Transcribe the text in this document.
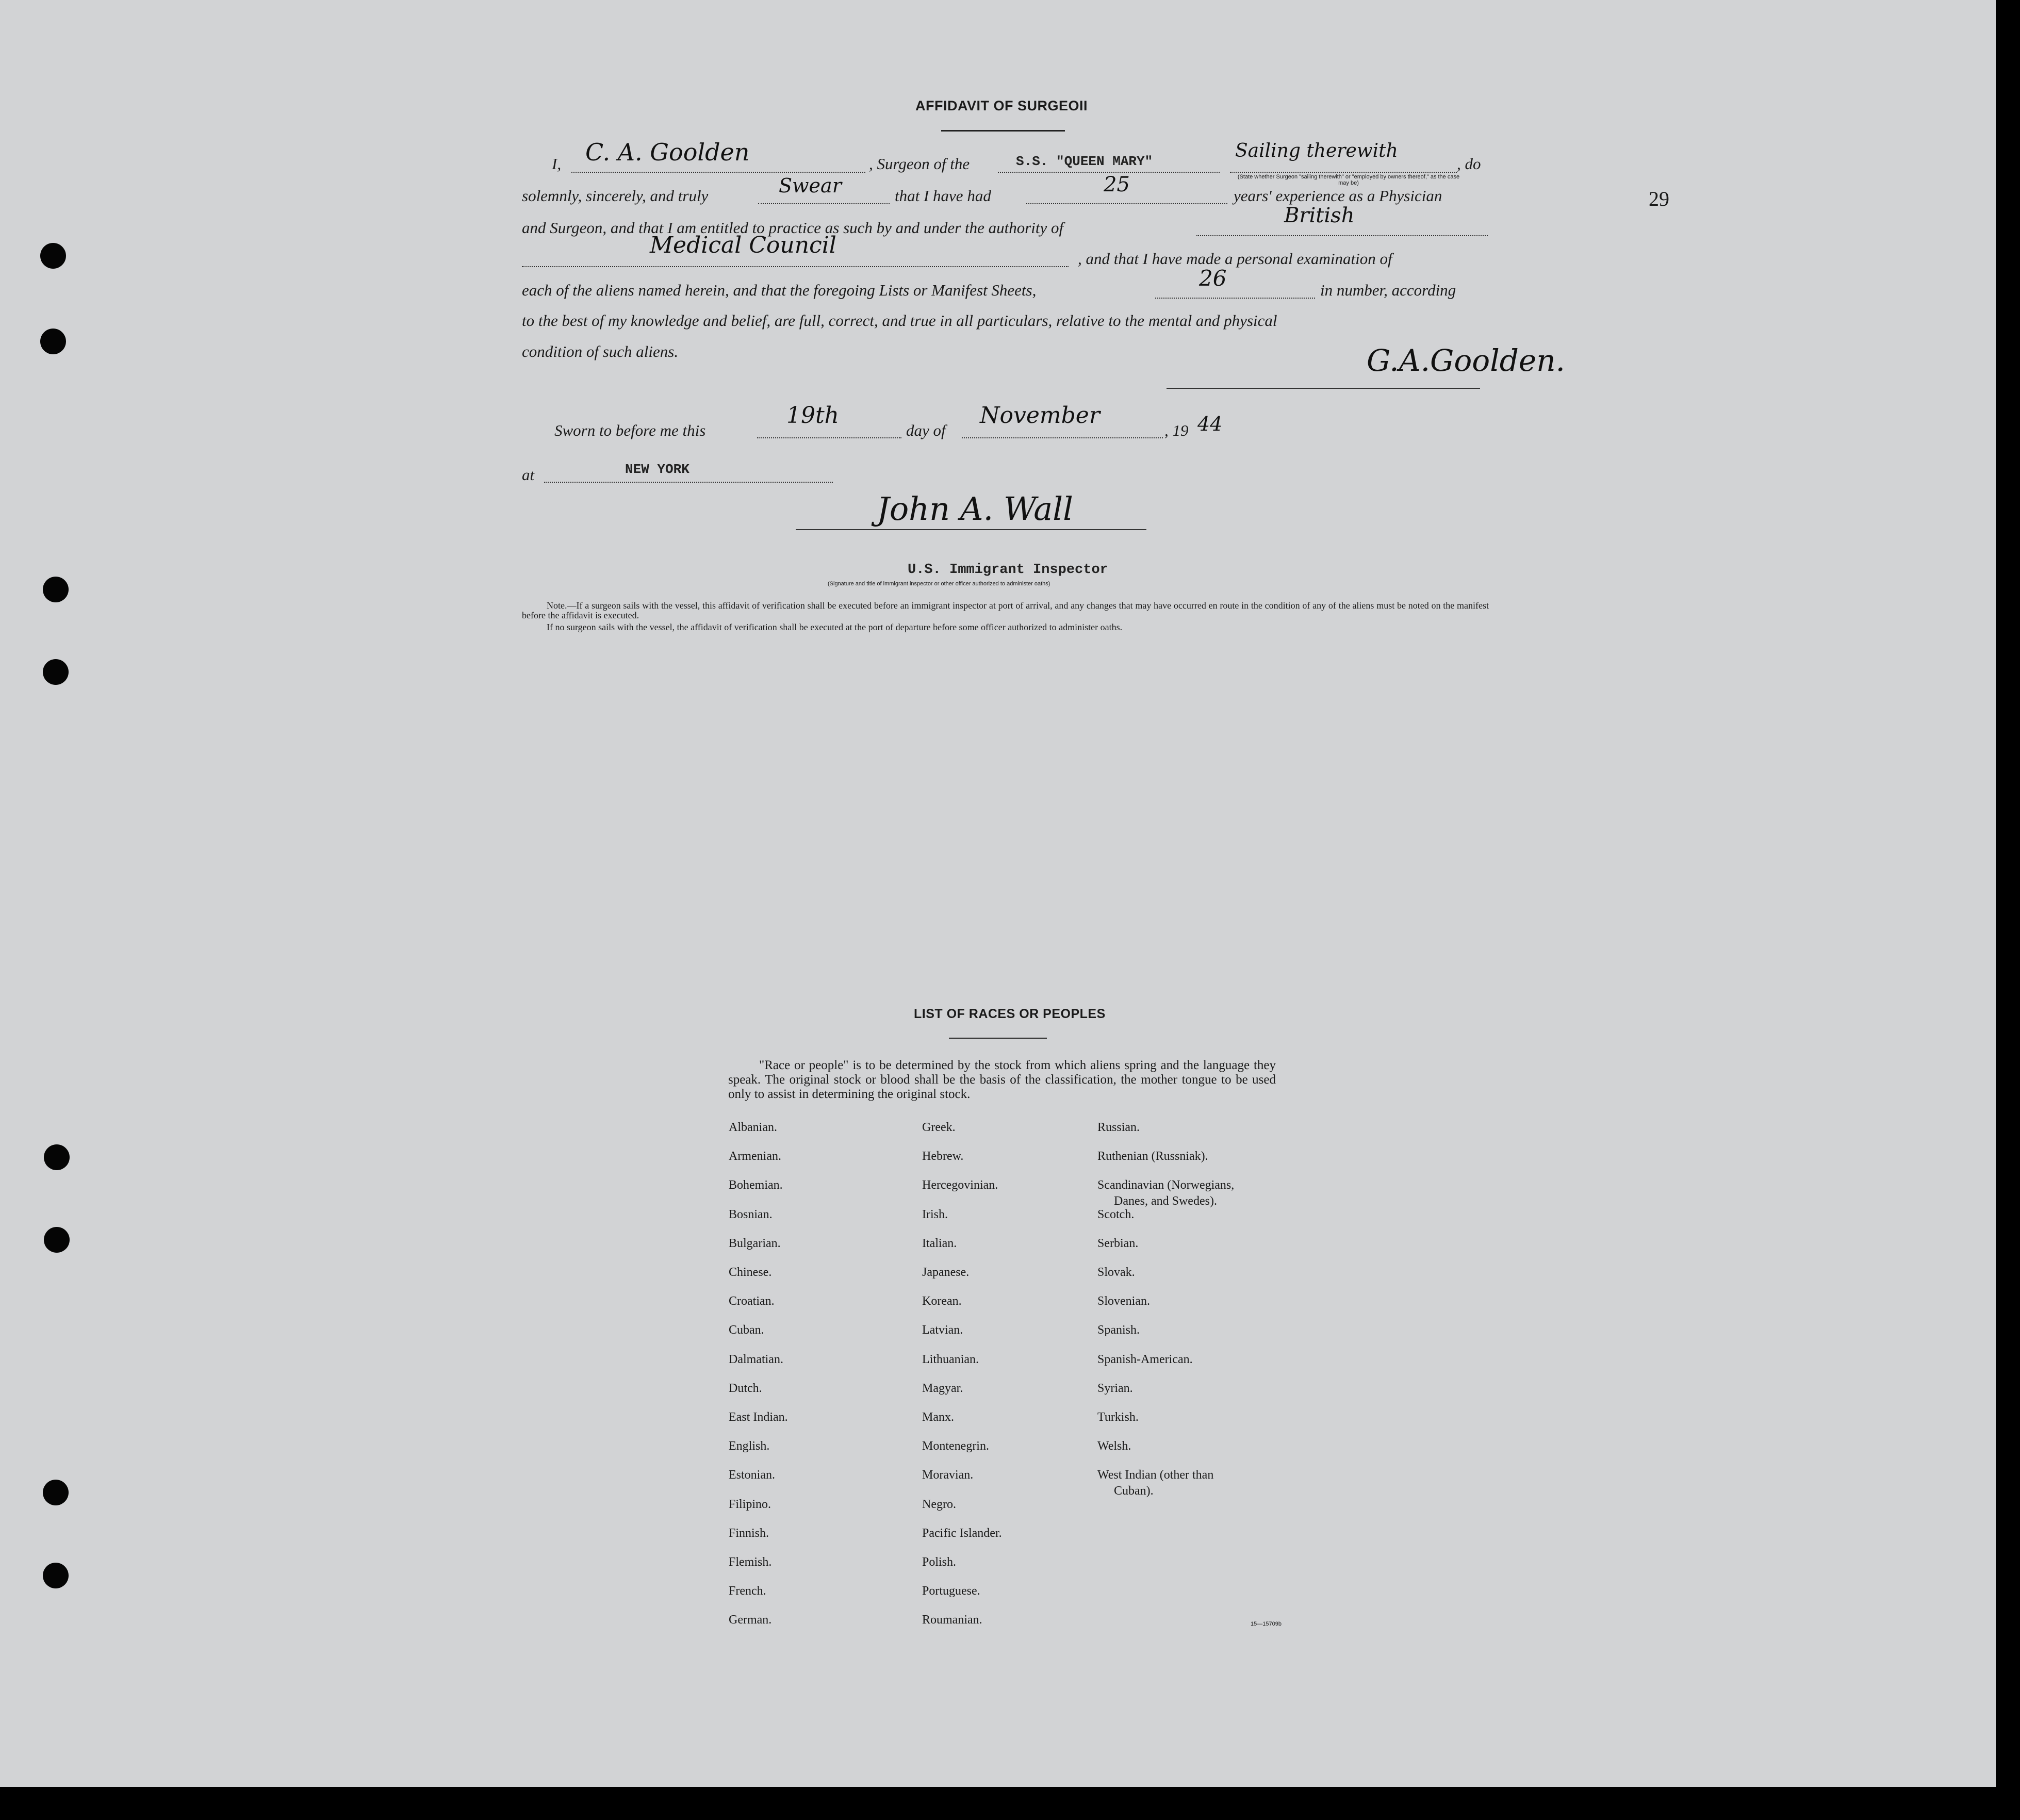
29
AFFIDAVIT OF SURGEOII
I, C. A. Goolden	, Surgeon of the	S.S. "QUEEN MARY"	Sailing therewith
, do
(State whether Surgeon "sailing therewith" or "employed by owners thereof," as the case may be)
solemnly, sincerely, and truly	Swear	that I have had	25	years' experience as a Physician
and Surgeon, and that I am entitled to practice as such by and under the authority of
British
Medical Council
, and that I have made a personal examination of
each of the aliens named herein, and that the foregoing Lists or Manifest Sheets,	26	in number, according
to the best of my knowledge and belief, are full, correct, and true in all particulars, relative to the mental and physical
condition of such aliens.	G.A.Goolden.
Sworn to before me this
19th
day of
November
, 19 44
at	NEW YORK
John A. Wall
U.S. Immigrant Inspector
(Signature and title of immigrant inspector or other officer authorized to administer oaths)
Note.—If a surgeon sails with the vessel, this affidavit of verification shall be executed before an immigrant inspector at port of arrival, and any changes that may have occurred en route in the condition of any of the aliens must be noted on the manifest before the affidavit is executed.
If no surgeon sails with the vessel, the affidavit of verification shall be executed at the port of departure before some officer authorized to administer oaths.
LIST OF RACES OR PEOPLES
"Race or people" is to be determined by the stock from which aliens spring and the language they speak. The original stock or blood shall be the basis of the classification, the mother tongue to be used only to assist in determining the original stock.
Albanian.
Armenian.
Bohemian.
Bosnian.
Bulgarian.
Chinese.
Croatian.
Cuban.
Dalmatian.
Dutch.
East Indian.
English.
Estonian.
Filipino.
Finnish.
Flemish.
French.
German.
Greek.
Hebrew.
Hercegovinian.
Irish.
Italian.
Japanese.
Korean.
Latvian.
Lithuanian.
Magyar.
Manx.
Montenegrin.
Moravian.
Negro.
Pacific Islander.
Polish.
Portuguese.
Roumanian.
Russian.
Ruthenian (Russniak).
Scandinavian (Norwegians,
Danes, and Swedes).
Scotch.
Serbian.
Slovak.
Slovenian.
Spanish.
Spanish-American.
Syrian.
Turkish.
Welsh.
West Indian (other than
Cuban).
15—15709b
